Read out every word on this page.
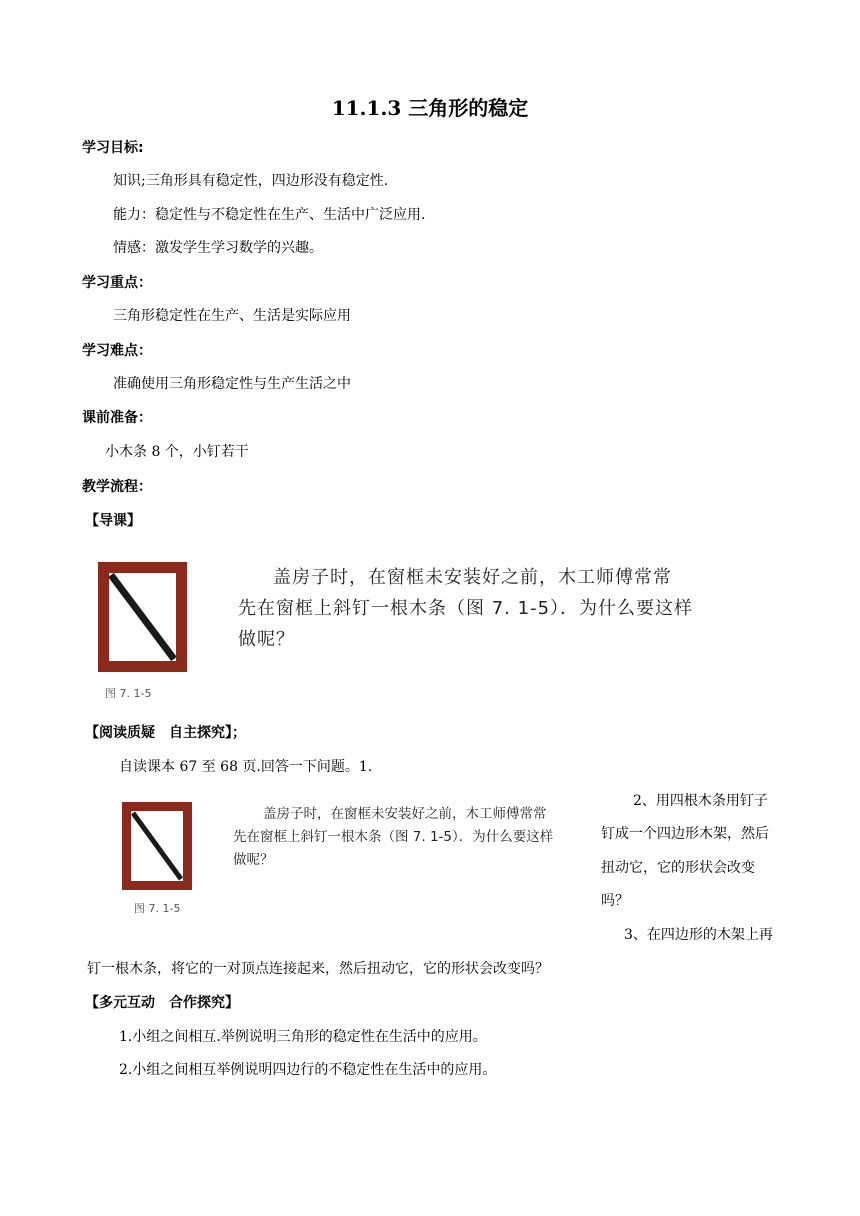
11.1.3 三角形的稳定
学习目标:
知识;三角形具有稳定性，四边形没有稳定性.
能力：稳定性与不稳定性在生产、生活中广泛应用.
情感：激发学生学习数学的兴趣。
学习重点：
三角形稳定性在生产、生活是实际应用
学习难点：
准确使用三角形稳定性与生产生活之中
课前准备：
小木条 8 个，小钉若干
教学流程：
【导课】
图 7. 1-5
盖房子时，在窗框未安装好之前，木工师傅常常
先在窗框上斜钉一根木条（图 7. 1-5）．为什么要这样
做呢？
【阅读质疑　自主探究】；
自读课本 67 至 68 页.回答一下问题。1.
图 7. 1-5
盖房子时，在窗框未安装好之前，木工师傅常常
先在窗框上斜钉一根木条（图 7. 1-5）．为什么要这样
做呢？
2、用四根木条用钉子
钉成一个四边形木架，然后
扭动它，它的形状会改变
吗？
3、在四边形的木架上再
钉一根木条，将它的一对顶点连接起来，然后扭动它，它的形状会改变吗？
【多元互动　合作探究】
1.小组之间相互.举例说明三角形的稳定性在生活中的应用。
2.小组之间相互举例说明四边行的不稳定性在生活中的应用。
